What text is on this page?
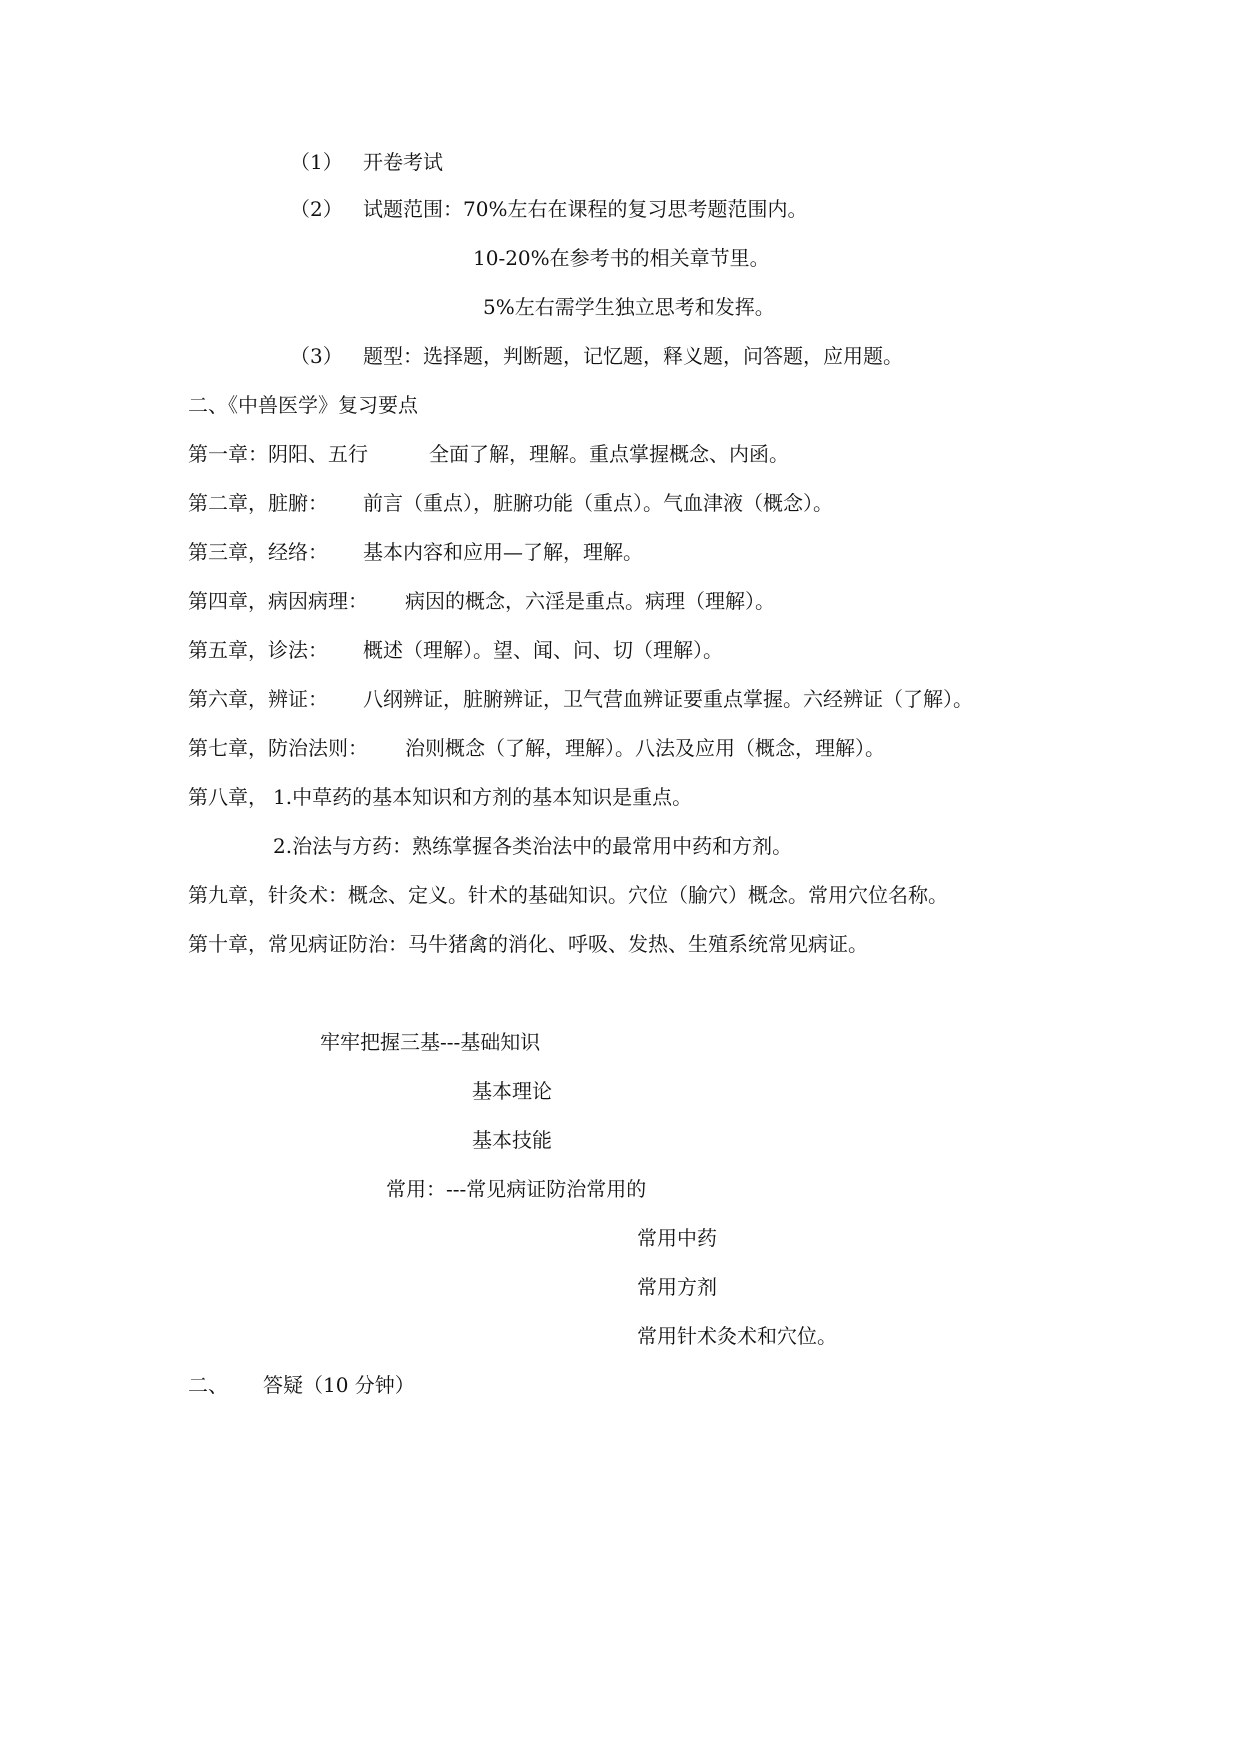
（1） 开卷考试
（2） 试题范围：70%左右在课程的复习思考题范围内。
10-20%在参考书的相关章节里。
5%左右需学生独立思考和发挥。
（3） 题型：选择题，判断题，记忆题，释义题，问答题，应用题。
二、《中兽医学》复习要点
第一章：阴阳、五行	全面了解，理解。重点掌握概念、内函。
第二章，脏腑： 前言（重点），脏腑功能（重点）。气血津液（概念）。
第三章，经络： 基本内容和应用—了解，理解。
第四章，病因病理： 病因的概念，六淫是重点。病理（理解）。
第五章，诊法： 概述（理解）。望、闻、问、切（理解）。
第六章，辨证： 八纲辨证，脏腑辨证，卫气营血辨证要重点掌握。六经辨证（了解）。
第七章，防治法则： 治则概念（了解，理解）。八法及应用（概念，理解）。
第八章， 1.中草药的基本知识和方剂的基本知识是重点。
2.治法与方药：熟练掌握各类治法中的最常用中药和方剂。
第九章，针灸术：概念、定义。针术的基础知识。穴位（腧穴）概念。常用穴位名称。
第十章，常见病证防治：马牛猪禽的消化、呼吸、发热、生殖系统常见病证。
牢牢把握三基---基础知识
基本理论
基本技能
常用：---常见病证防治常用的
常用中药
常用方剂
常用针术灸术和穴位。
二、 答疑（10 分钟）
